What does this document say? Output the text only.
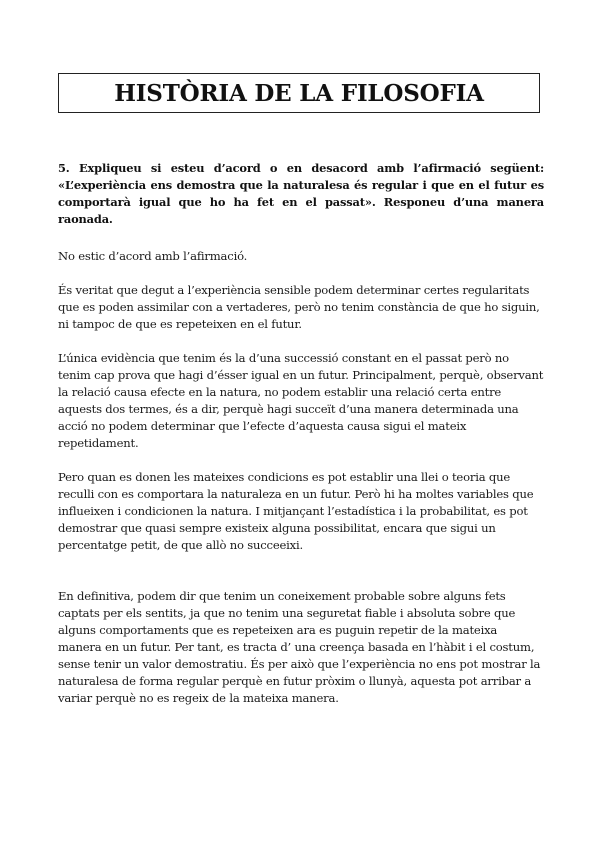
HISTÒRIA DE LA FILOSOFIA

5. Expliqueu si esteu d’acord o en desacord amb l’afirmació següent: «L’experiència ens demostra que la naturalesa és regular i que en el futur es comportarà igual que ho ha fet en el passat». Responeu d’una manera raonada.

No estic d’acord amb l’afirmació.

És veritat que degut a l’experiència sensible podem determinar certes regularitats que es poden assimilar con a vertaderes, però no tenim constància de que ho siguin, ni tampoc de que es repeteixen en el futur.

L’única evidència que tenim és la d’una successió constant en el passat però no tenim cap prova que hagi d’ésser igual en un futur. Principalment, perquè, observant la relació causa efecte en la natura, no podem establir una relació certa entre aquests dos termes, és a dir, perquè hagi succeït d’una manera determinada una acció no podem determinar que l’efecte d’aquesta causa sigui el mateix repetidament.

Pero quan es donen les mateixes condicions es pot establir una llei o teoria que reculli con es comportara la naturaleza en un futur. Però hi ha moltes variables que influeixen i condicionen la natura. I mitjançant l’estadística i la probabilitat, es pot demostrar que quasi sempre existeix alguna possibilitat, encara que sigui un percentatge petit, de que allò no succeeixi.

En definitiva, podem dir que tenim un coneixement probable sobre alguns fets captats per els sentits, ja que no tenim una seguretat fiable i absoluta sobre que alguns comportaments que es repeteixen ara es puguin repetir de la mateixa manera en un futur. Per tant, es tracta d’ una creença basada en l’hàbit i el costum, sense tenir un valor demostratiu. És per això que l’experiència no ens pot mostrar la naturalesa de forma regular perquè en futur pròxim o llunyà, aquesta pot arribar a variar perquè no es regeix de la mateixa manera.
